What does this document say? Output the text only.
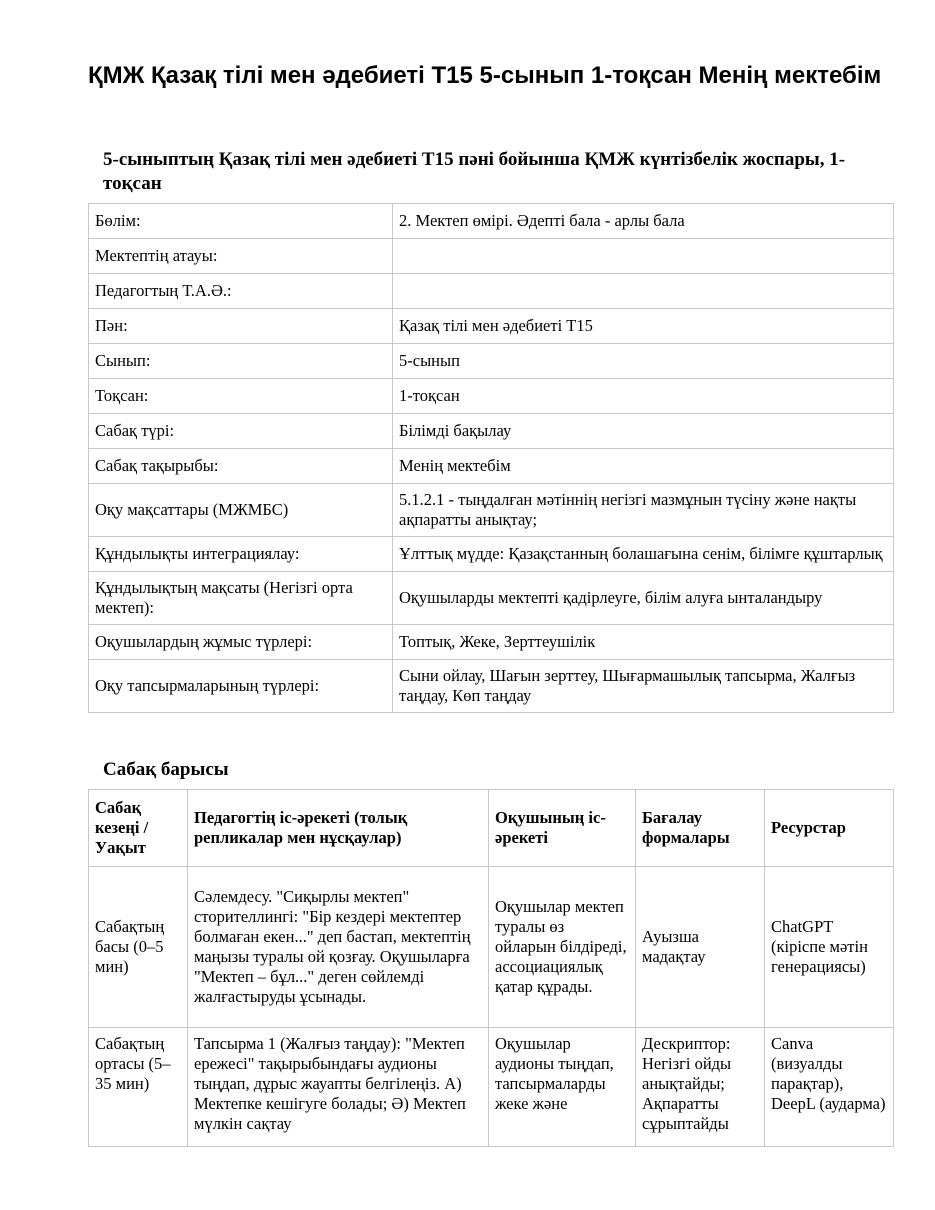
ҚМЖ Қазақ тілі мен әдебиеті Т15 5-сынып 1-тоқсан Менің мектебім
5-сыныптың Қазақ тілі мен әдебиеті Т15 пәні бойынша ҚМЖ күнтізбелік жоспары, 1-тоқсан
Бөлім:	2. Мектеп өмірі. Әдепті бала - арлы бала
Мектептің атауы:	
Педагогтың Т.А.Ә.:	
Пән:	Қазақ тілі мен әдебиеті Т15
Сынып:	5-сынып
Тоқсан:	1-тоқсан
Сабақ түрі:	Білімді бақылау
Сабақ тақырыбы:	Менің мектебім
Оқу мақсаттары (МЖМБС)	5.1.2.1 - тыңдалған мәтіннің негізгі мазмұнын түсіну және нақты ақпаратты анықтау;
Құндылықты интеграциялау:	Ұлттық мүдде: Қазақстанның болашағына сенім, білімге құштарлық
Құндылықтың мақсаты (Негізгі орта мектеп):	Оқушыларды мектепті қадірлеуге, білім алуға ынталандыру
Оқушылардың жұмыс түрлері:	Топтық, Жеке, Зерттеушілік
Оқу тапсырмаларының түрлері:	Сыни ойлау, Шағын зерттеу, Шығармашылық тапсырма, Жалғыз таңдау, Көп таңдау
Сабақ барысы
Сабақ кезеңі / Уақыт	Педагогтің іс-әрекеті (толық репликалар мен нұсқаулар)	Оқушының іс-әрекеті	Бағалау формалары	Ресурстар
Сабақтың басы (0–5 мин)	Сәлемдесу. "Сиқырлы мектеп" сторителлингі: "Бір кездері мектептер болмаған екен..." деп бастап, мектептің маңызы туралы ой қозғау. Оқушыларға "Мектеп – бұл..." деген сөйлемді жалғастыруды ұсынады.	Оқушылар мектеп туралы өз ойларын білдіреді, ассоциациялық қатар құрады.	Ауызша мадақтау	ChatGPT (кіріспе мәтін генерациясы)
Сабақтың ортасы (5–35 мин)	Тапсырма 1 (Жалғыз таңдау): "Мектеп ережесі" тақырыбындағы аудионы тыңдап, дұрыс жауапты белгілеңіз. А) Мектепке кешігуге болады; Ә) Мектеп мүлкін сақтау	Оқушылар аудионы тыңдап, тапсырмаларды жеке және	Дескриптор: Негізгі ойды анықтайды; Ақпаратты сұрыптайды	Canva (визуалды парақтар), DeepL (аударма)
